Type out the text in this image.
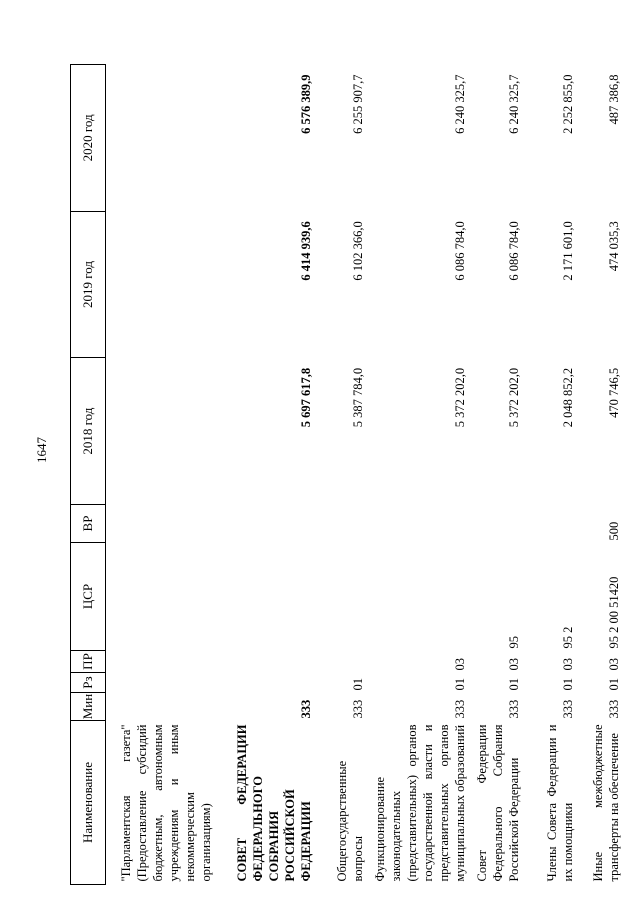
1647
Наименование	Мин	Рз	ПР	ЦСР	ВР	2018 год	2019 год	2020 год
"Парламентская газета" (Предоставление субсидий бюджетным, автономным учреждениям и иным некоммерческим организациям)								
СОВЕТ ФЕДЕРАЦИИ ФЕДЕРАЛЬНОГО СОБРАНИЯ РОССИЙСКОЙ ФЕДЕРАЦИИ	333					5 697 617,8	6 414 939,6	6 576 389,9
Общегосударственные вопросы	333	01				5 387 784,0	6 102 366,0	6 255 907,7
Функционирование законодательных (представительных) органов государственной власти и представительных органов муниципальных образований	333	01	03			5 372 202,0	6 086 784,0	6 240 325,7
Совет Федерации Федерального Собрания Российской Федерации	333	01	03	95		5 372 202,0	6 086 784,0	6 240 325,7
Члены Совета Федерации и их помощники	333	01	03	95 2		2 048 852,2	2 171 601,0	2 252 855,0
Иные межбюджетные трансферты на обеспечение	333	01	03	95 2 00 51420	500	470 746,5	474 035,3	487 386,8
